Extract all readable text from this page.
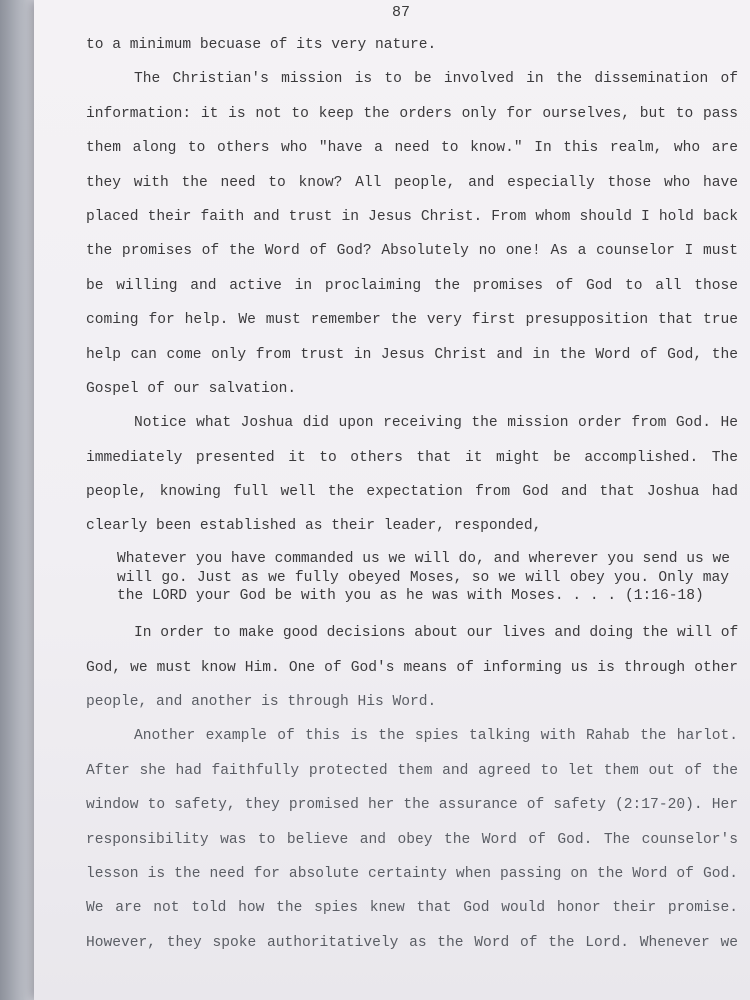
87
to a minimum becuase of its very nature.
The Christian's mission is to be involved in the dissemination of
information: it is not to keep the orders only for ourselves, but to pass
them along to others who "have a need to know." In this realm, who are
they with the need to know? All people, and especially those who have
placed their faith and trust in Jesus Christ. From whom should I hold back
the promises of the Word of God? Absolutely no one! As a counselor I must
be willing and active in proclaiming the promises of God to all those
coming for help. We must remember the very first presupposition that true
help can come only from trust in Jesus Christ and in the Word of God, the
Gospel of our salvation.
Notice what Joshua did upon receiving the mission order from God. He
immediately presented it to others that it might be accomplished. The
people, knowing full well the expectation from God and that Joshua had
clearly been established as their leader, responded,
Whatever you have commanded us we will do, and wherever you send us we
will go. Just as we fully obeyed Moses, so we will obey you. Only may
the LORD your God be with you as he was with Moses. . . . (1:16-18)
In order to make good decisions about our lives and doing the will of
God, we must know Him. One of God's means of informing us is through other
people, and another is through His Word.
Another example of this is the spies talking with Rahab the harlot.
After she had faithfully protected them and agreed to let them out of the
window to safety, they promised her the assurance of safety (2:17-20). Her
responsibility was to believe and obey the Word of God. The counselor's
lesson is the need for absolute certainty when passing on the Word of God.
We are not told how the spies knew that God would honor their promise.
However, they spoke authoritatively as the Word of the Lord. Whenever we
